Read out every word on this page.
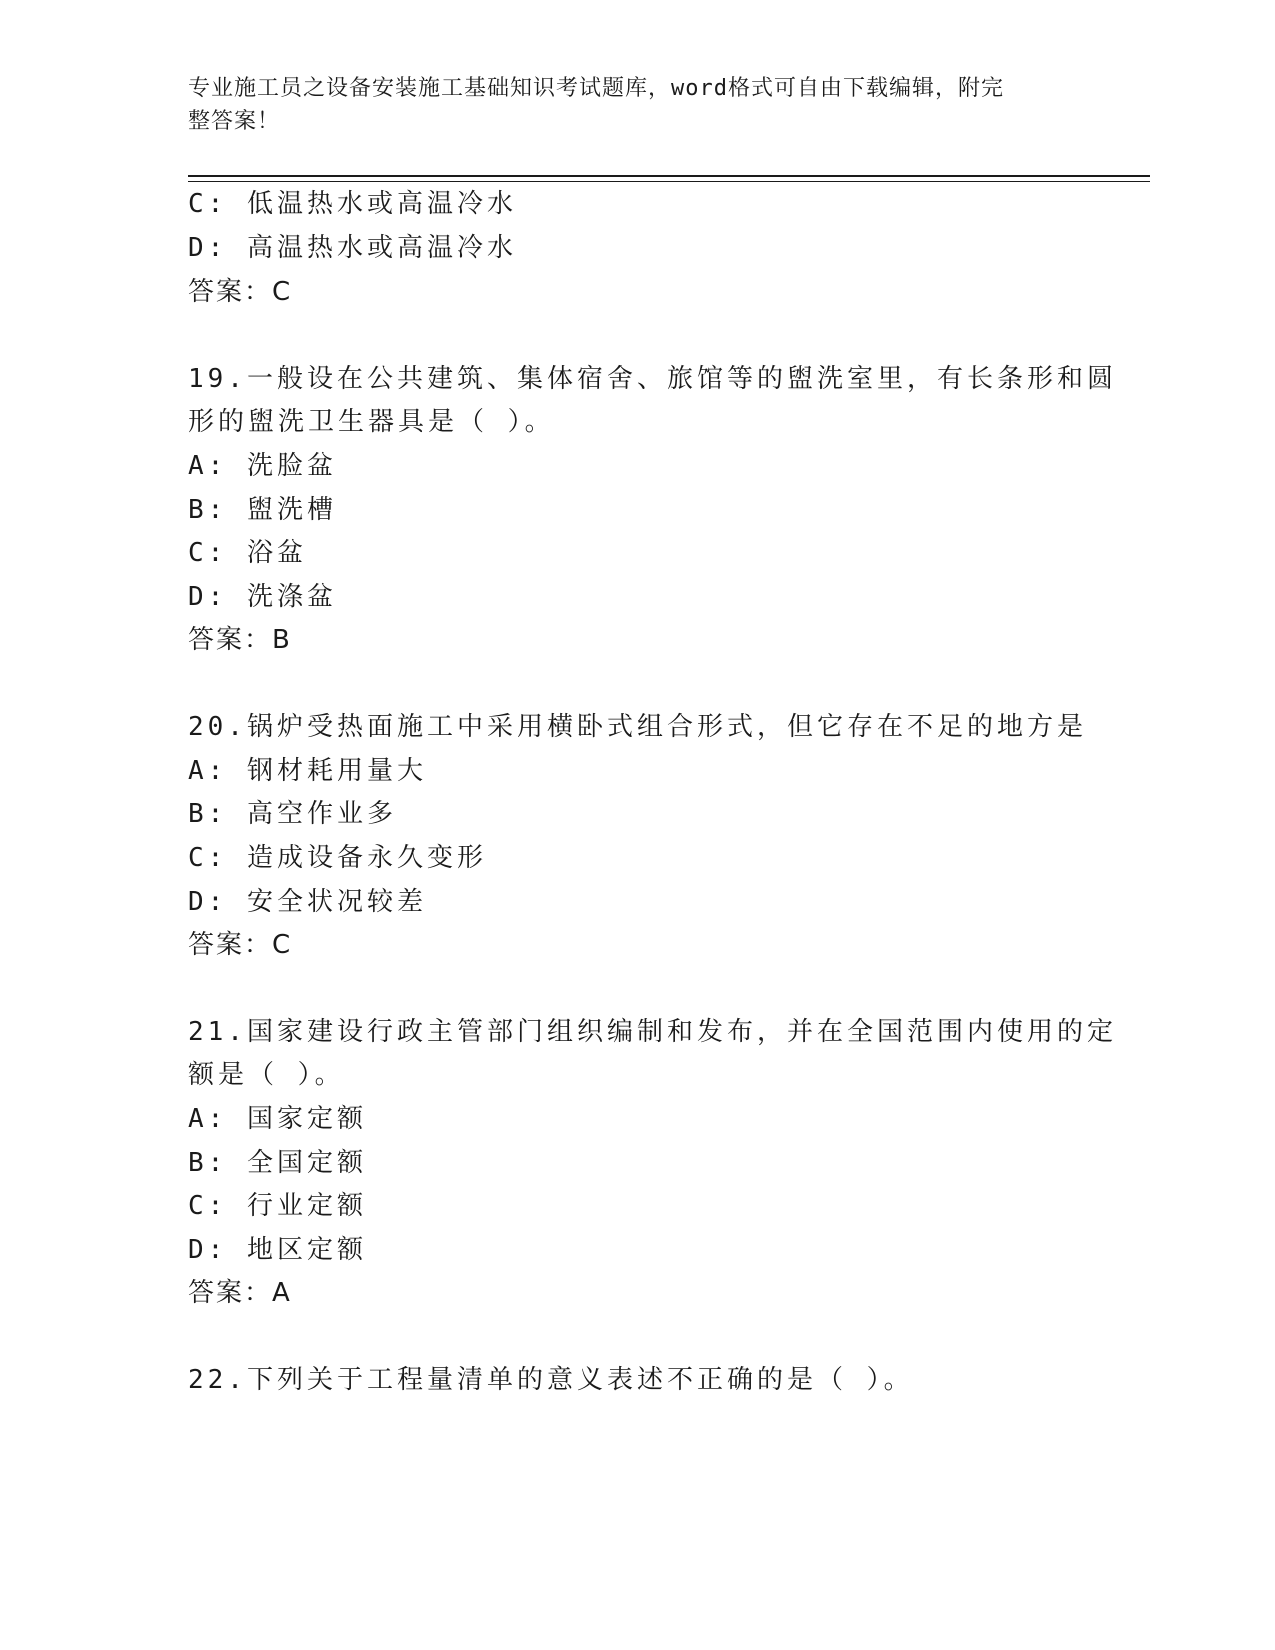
专业施工员之设备安装施工基础知识考试题库，word格式可自由下载编辑，附完
整答案！
C: 低温热水或高温冷水
D: 高温热水或高温冷水
答案：C
19.一般设在公共建筑、集体宿舍、旅馆等的盥洗室里，有长条形和圆
形的盥洗卫生器具是（ ）。
A: 洗脸盆
B: 盥洗槽
C: 浴盆
D: 洗涤盆
答案：B
20.锅炉受热面施工中采用横卧式组合形式，但它存在不足的地方是
A: 钢材耗用量大
B: 高空作业多
C: 造成设备永久变形
D: 安全状况较差
答案：C
21.国家建设行政主管部门组织编制和发布，并在全国范围内使用的定
额是（ ）。
A: 国家定额
B: 全国定额
C: 行业定额
D: 地区定额
答案：A
22.下列关于工程量清单的意义表述不正确的是（ ）。
